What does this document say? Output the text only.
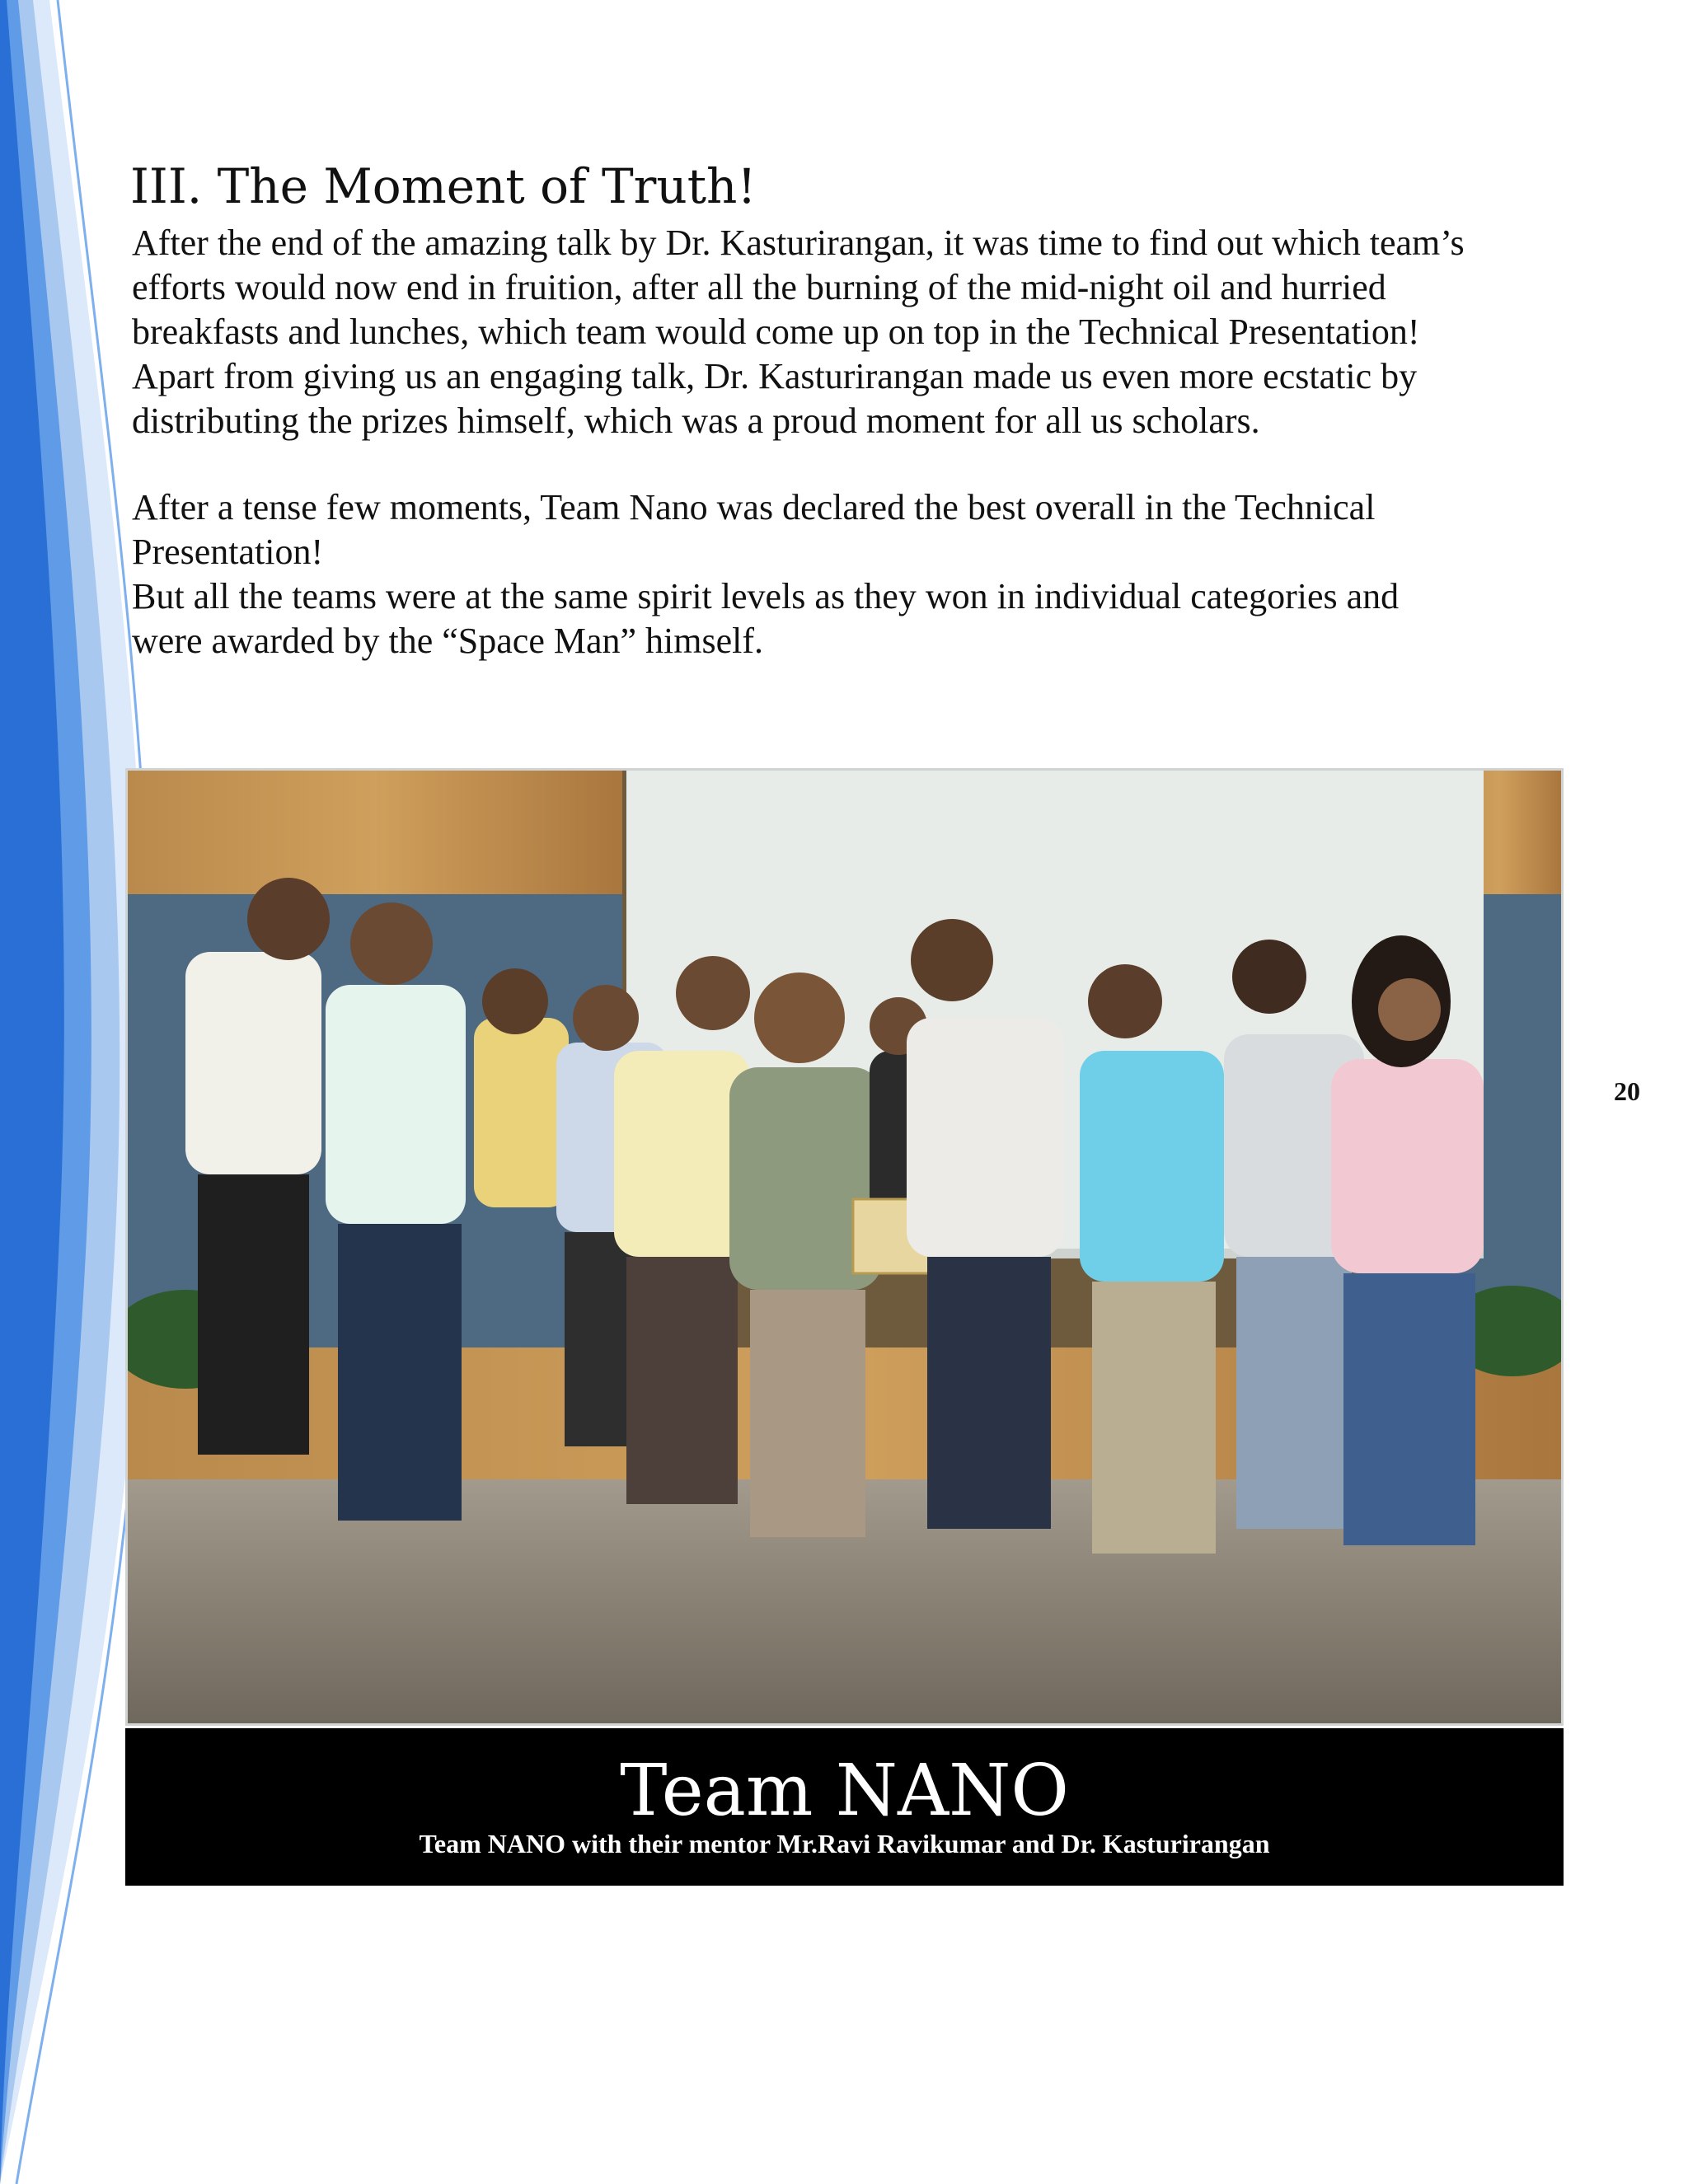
III. The Moment of Truth!
After the end of the amazing talk by Dr. Kasturirangan, it was time to find out which team’s
efforts would now end in fruition, after all the burning of the mid-night oil and hurried
breakfasts and lunches, which team would come up on top in the Technical Presentation!
Apart from giving us an engaging talk, Dr. Kasturirangan made us even more ecstatic by
distributing the prizes himself, which was a proud moment for all us scholars.
After a tense few moments, Team Nano was declared the best overall in the Technical
Presentation!
But all the teams were at the same spirit levels as they won in individual categories and
were awarded by the “Space Man” himself.
20
Team NANO
Team NANO with their mentor Mr.Ravi Ravikumar and Dr. Kasturirangan
